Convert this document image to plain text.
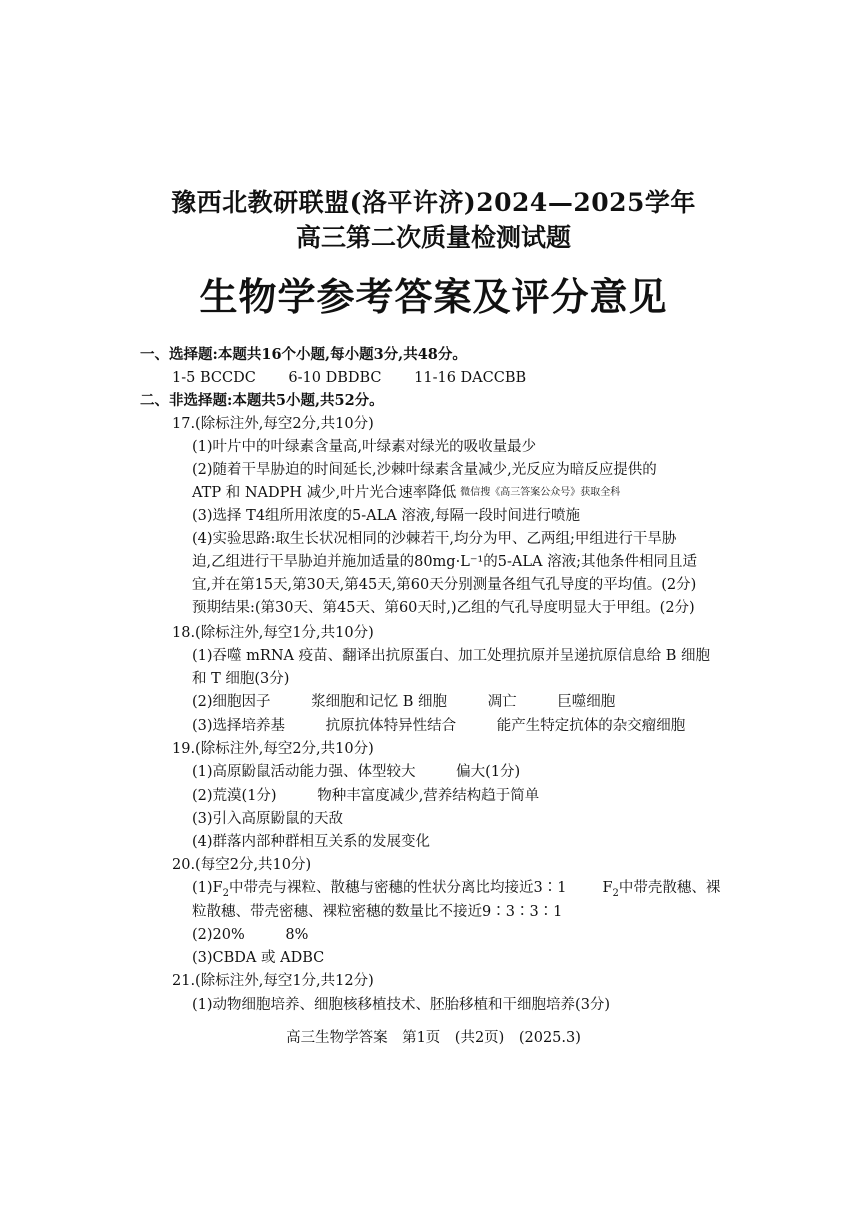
豫西北教研联盟(洛平许济)2024—2025学年
高三第二次质量检测试题
生物学参考答案及评分意见
一、选择题:本题共16个小题,每小题3分,共48分。
1-5 BCCDC 6-10 DBDBC 11-16 DACCBB
二、非选择题:本题共5小题,共52分。
17.(除标注外,每空2分,共10分)
(1)叶片中的叶绿素含量高,叶绿素对绿光的吸收量最少
(2)随着干旱胁迫的时间延长,沙棘叶绿素含量减少,光反应为暗反应提供的
ATP 和 NADPH 减少,叶片光合速率降低 微信搜《高三答案公众号》获取全科
(3)选择 T4组所用浓度的5-ALA 溶液,每隔一段时间进行喷施
(4)实验思路:取生长状况相同的沙棘若干,均分为甲、乙两组;甲组进行干旱胁
迫,乙组进行干旱胁迫并施加适量的80mg·L⁻¹的5-ALA 溶液;其他条件相同且适
宜,并在第15天,第30天,第45天,第60天分别测量各组气孔导度的平均值。(2分)
预期结果:(第30天、第45天、第60天时,)乙组的气孔导度明显大于甲组。(2分)
18.(除标注外,每空1分,共10分)
(1)吞噬 mRNA 疫苗、翻译出抗原蛋白、加工处理抗原并呈递抗原信息给 B 细胞
和 T 细胞(3分)
(2)细胞因子	浆细胞和记忆 B 细胞	凋亡	巨噬细胞
(3)选择培养基	抗原抗体特异性结合	能产生特定抗体的杂交瘤细胞
19.(除标注外,每空2分,共10分)
(1)高原鼢鼠活动能力强、体型较大	偏大(1分)
(2)荒漠(1分)	物种丰富度减少,营养结构趋于简单
(3)引入高原鼢鼠的天敌
(4)群落内部种群相互关系的发展变化
20.(每空2分,共10分)
$(1)F_2$中带壳与裸粒、散穗与密穗的性状分离比均接近3∶1 $F_2$中带壳散穗、裸
粒散穗、带壳密穗、裸粒密穗的数量比不接近9∶3∶3∶1
(2)20%	8%
(3)CBDA 或 ADBC
21.(除标注外,每空1分,共12分)
(1)动物细胞培养、细胞核移植技术、胚胎移植和干细胞培养(3分)
高三生物学答案　第1页　(共2页)　(2025.3)
